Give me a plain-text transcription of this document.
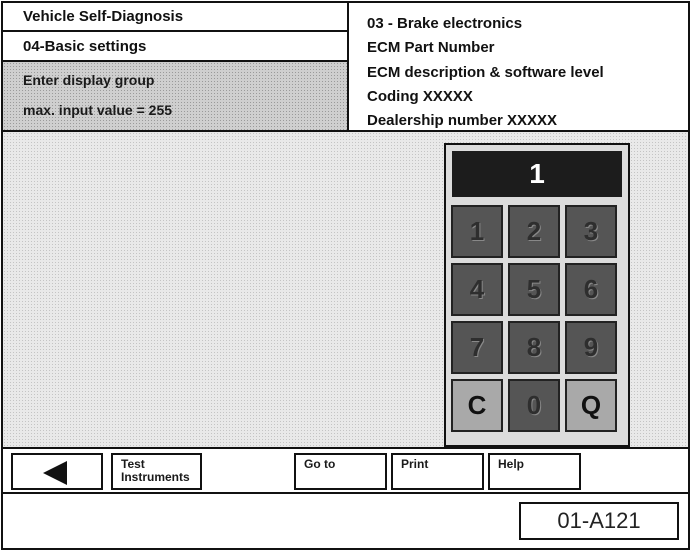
Vehicle Self-Diagnosis
04-Basic settings
Enter display group
max. input value = 255
03 - Brake electronics
ECM Part Number
ECM description & software level
Coding XXXXX
Dealership number XXXXX
1
1	2	3
4	5	6
7	8	9
C	0	Q
Test
Instruments
Go to	Print	Help
01-A121
